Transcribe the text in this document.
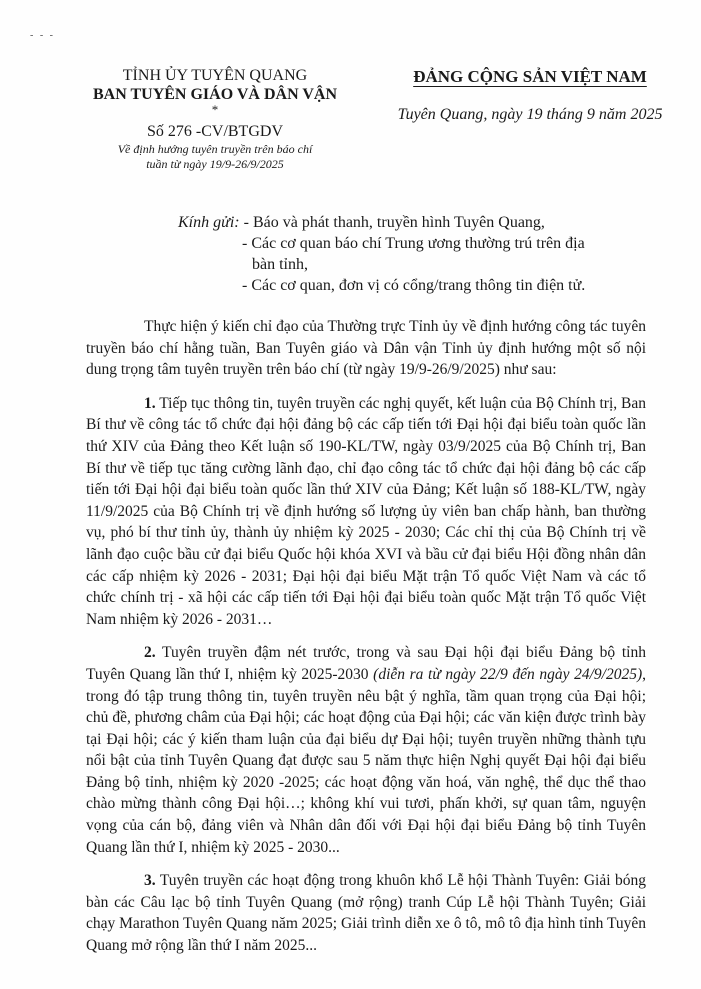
- - -
TỈNH ỦY TUYÊN QUANG
BAN TUYÊN GIÁO VÀ DÂN VẬN
*
Số 276 -CV/BTGDV
Về định hướng tuyên truyền trên báo chí
tuần từ ngày 19/9-26/9/2025
ĐẢNG CỘNG SẢN VIỆT NAM
Tuyên Quang, ngày 19 tháng 9 năm 2025
Kính gửi: - Báo và phát thanh, truyền hình Tuyên Quang,
- Các cơ quan báo chí Trung ương thường trú trên địa
bàn tỉnh,
- Các cơ quan, đơn vị có cổng/trang thông tin điện tử.

Thực hiện ý kiến chỉ đạo của Thường trực Tỉnh ủy về định hướng công tác tuyên truyền báo chí hằng tuần, Ban Tuyên giáo và Dân vận Tỉnh ủy định hướng một số nội dung trọng tâm tuyên truyền trên báo chí (từ ngày 19/9-26/9/2025) như sau:

1. Tiếp tục thông tin, tuyên truyền các nghị quyết, kết luận của Bộ Chính trị, Ban Bí thư về công tác tổ chức đại hội đảng bộ các cấp tiến tới Đại hội đại biểu toàn quốc lần thứ XIV của Đảng theo Kết luận số 190-KL/TW, ngày 03/9/2025 của Bộ Chính trị, Ban Bí thư về tiếp tục tăng cường lãnh đạo, chỉ đạo công tác tổ chức đại hội đảng bộ các cấp tiến tới Đại hội đại biểu toàn quốc lần thứ XIV của Đảng; Kết luận số 188-KL/TW, ngày 11/9/2025 của Bộ Chính trị về định hướng số lượng ủy viên ban chấp hành, ban thường vụ, phó bí thư tỉnh ủy, thành ủy nhiệm kỳ 2025 - 2030; Các chỉ thị của Bộ Chính trị về lãnh đạo cuộc bầu cử đại biểu Quốc hội khóa XVI và bầu cử đại biểu Hội đồng nhân dân các cấp nhiệm kỳ 2026 - 2031; Đại hội đại biểu Mặt trận Tổ quốc Việt Nam và các tổ chức chính trị - xã hội các cấp tiến tới Đại hội đại biểu toàn quốc Mặt trận Tổ quốc Việt Nam nhiệm kỳ 2026 - 2031…

2. Tuyên truyền đậm nét trước, trong và sau Đại hội đại biểu Đảng bộ tỉnh Tuyên Quang lần thứ I, nhiệm kỳ 2025-2030 (diễn ra từ ngày 22/9 đến ngày 24/9/2025), trong đó tập trung thông tin, tuyên truyền nêu bật ý nghĩa, tầm quan trọng của Đại hội; chủ đề, phương châm của Đại hội; các hoạt động của Đại hội; các văn kiện được trình bày tại Đại hội; các ý kiến tham luận của đại biểu dự Đại hội; tuyên truyền những thành tựu nổi bật của tỉnh Tuyên Quang đạt được sau 5 năm thực hiện Nghị quyết Đại hội đại biểu Đảng bộ tỉnh, nhiệm kỳ 2020 -2025; các hoạt động văn hoá, văn nghệ, thể dục thể thao chào mừng thành công Đại hội…; không khí vui tươi, phấn khởi, sự quan tâm, nguyện vọng của cán bộ, đảng viên và Nhân dân đối với Đại hội đại biểu Đảng bộ tỉnh Tuyên Quang lần thứ I, nhiệm kỳ 2025 - 2030...

3. Tuyên truyền các hoạt động trong khuôn khổ Lễ hội Thành Tuyên: Giải bóng bàn các Câu lạc bộ tỉnh Tuyên Quang (mở rộng) tranh Cúp Lễ hội Thành Tuyên; Giải chạy Marathon Tuyên Quang năm 2025; Giải trình diễn xe ô tô, mô tô địa hình tỉnh Tuyên Quang mở rộng lần thứ I năm 2025...
